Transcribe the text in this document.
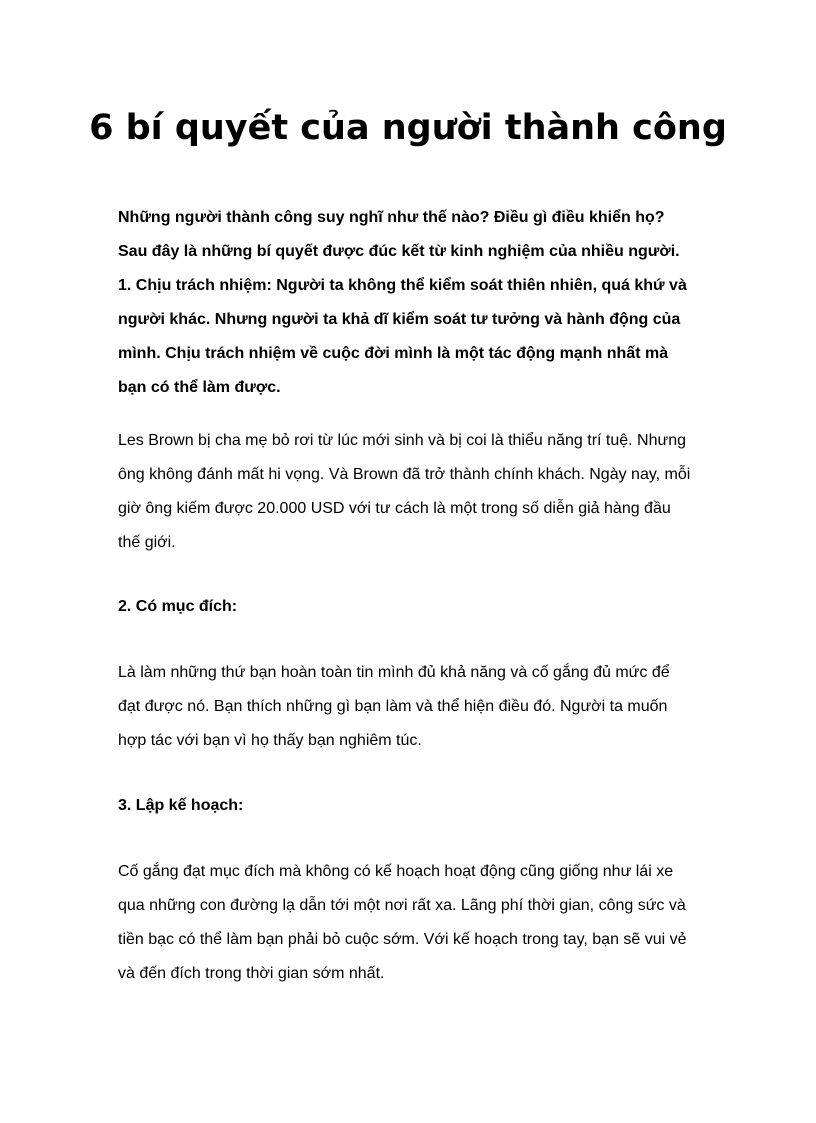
6 bí quyết của người thành công
Những người thành công suy nghĩ như thế nào? Điều gì điều khiển họ?
Sau đây là những bí quyết được đúc kết từ kinh nghiệm của nhiều người.
1. Chịu trách nhiệm: Người ta không thể kiểm soát thiên nhiên, quá khứ và
người khác. Nhưng người ta khả dĩ kiểm soát tư tưởng và hành động của
mình. Chịu trách nhiệm về cuộc đời mình là một tác động mạnh nhất mà
bạn có thể làm được.
Les Brown bị cha mẹ bỏ rơi từ lúc mới sinh và bị coi là thiểu năng trí tuệ. Nhưng
ông không đánh mất hi vọng. Và Brown đã trở thành chính khách. Ngày nay, mỗi
giờ ông kiếm được 20.000 USD với tư cách là một trong số diễn giả hàng đầu
thế giới.
2. Có mục đích:
Là làm những thứ bạn hoàn toàn tin mình đủ khả năng và cố gắng đủ mức để
đạt được nó. Bạn thích những gì bạn làm và thể hiện điều đó. Người ta muốn
hợp tác với bạn vì họ thấy bạn nghiêm túc.
3. Lập kế hoạch:
Cố gắng đạt mục đích mà không có kế hoạch hoạt động cũng giống như lái xe
qua những con đường lạ dẫn tới một nơi rất xa. Lãng phí thời gian, công sức và
tiền bạc có thể làm bạn phải bỏ cuộc sớm. Với kế hoạch trong tay, bạn sẽ vui vẻ
và đến đích trong thời gian sớm nhất.
